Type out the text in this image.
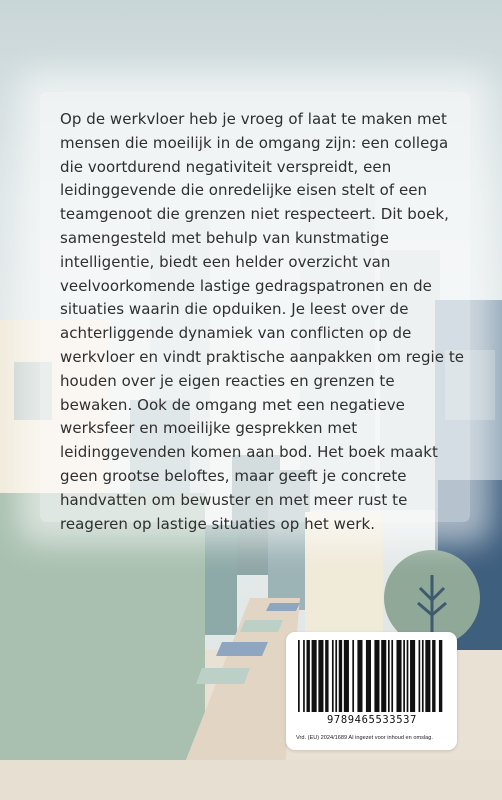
Op de werkvloer heb je vroeg of laat te maken met mensen die moeilijk in de omgang zijn: een collega die voortdurend negativiteit verspreidt, een leidinggevende die onredelijke eisen stelt of een teamgenoot die grenzen niet respecteert. Dit boek, samengesteld met behulp van kunstmatige intelligentie, biedt een helder overzicht van veelvoorkomende lastige gedragspatronen en de situaties waarin die opduiken. Je leest over de achterliggende dynamiek van conflicten op de werkvloer en vindt praktische aanpakken om regie te houden over je eigen reacties en grenzen te bewaken. Ook de omgang met een negatieve werksfeer en moeilijke gesprekken met leidinggevenden komen aan bod. Het boek maakt geen grootse beloftes, maar geeft je concrete handvatten om bewuster en met meer rust te reageren op lastige situaties op het werk.

9789465533537

Vrd. (EU) 2024/1689 AI ingezet voor inhoud en omslag.
